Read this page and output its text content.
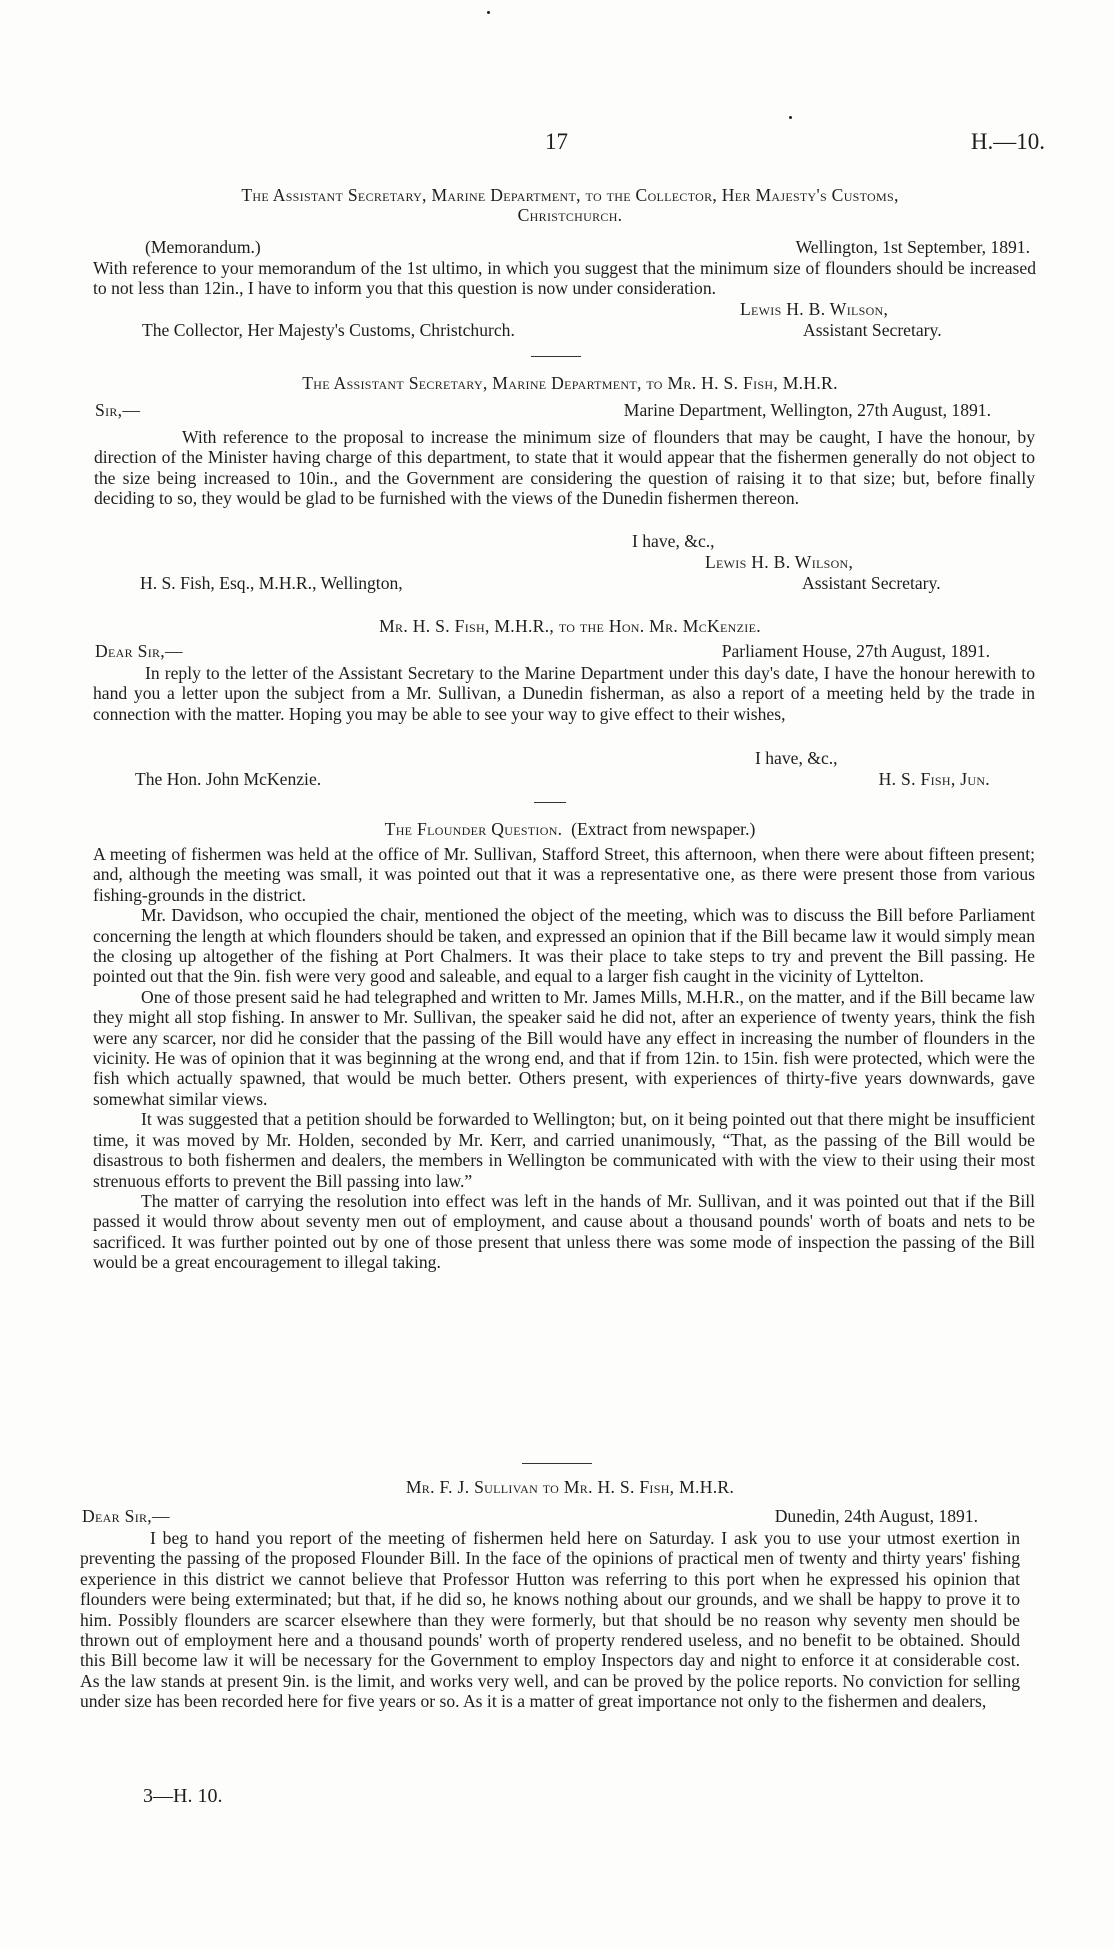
17	H.—10.
The Assistant Secretary, Marine Department, to the Collector, Her Majesty's Customs,
Christchurch.
(Memorandum.)	Wellington, 1st September, 1891.

With reference to your memorandum of the 1st ultimo, in which you suggest that the minimum size of flounders should be increased to not less than 12in., I have to inform you that this question is now under consideration.

Lewis H. B. Wilson,
The Collector, Her Majesty's Customs, Christchurch.	Assistant Secretary.
The Assistant Secretary, Marine Department, to Mr. H. S. Fish, M.H.R.
Sir,—	Marine Department, Wellington, 27th August, 1891.

With reference to the proposal to increase the minimum size of flounders that may be caught, I have the honour, by direction of the Minister having charge of this department, to state that it would appear that the fishermen generally do not object to the size being increased to 10in., and the Government are considering the question of raising it to that size; but, before finally deciding to so, they would be glad to be furnished with the views of the Dunedin fishermen thereon.

I have, &c.,
Lewis H. B. Wilson,
H. S. Fish, Esq., M.H.R., Wellington,	Assistant Secretary.
Mr. H. S. Fish, M.H.R., to the Hon. Mr. McKenzie.
Dear Sir,—	Parliament House, 27th August, 1891.

In reply to the letter of the Assistant Secretary to the Marine Department under this day's date, I have the honour herewith to hand you a letter upon the subject from a Mr. Sullivan, a Dunedin fisherman, as also a report of a meeting held by the trade in connection with the matter. Hoping you may be able to see your way to give effect to their wishes,

I have, &c.,
The Hon. John McKenzie.	H. S. Fish, Jun.
The Flounder Question. (Extract from newspaper.)

A meeting of fishermen was held at the office of Mr. Sullivan, Stafford Street, this afternoon, when there were about fifteen present; and, although the meeting was small, it was pointed out that it was a representative one, as there were present those from various fishing-grounds in the district.

Mr. Davidson, who occupied the chair, mentioned the object of the meeting, which was to discuss the Bill before Parliament concerning the length at which flounders should be taken, and expressed an opinion that if the Bill became law it would simply mean the closing up altogether of the fishing at Port Chalmers. It was their place to take steps to try and prevent the Bill passing. He pointed out that the 9in. fish were very good and saleable, and equal to a larger fish caught in the vicinity of Lyttelton.

One of those present said he had telegraphed and written to Mr. James Mills, M.H.R., on the matter, and if the Bill became law they might all stop fishing. In answer to Mr. Sullivan, the speaker said he did not, after an experience of twenty years, think the fish were any scarcer, nor did he consider that the passing of the Bill would have any effect in increasing the number of flounders in the vicinity. He was of opinion that it was beginning at the wrong end, and that if from 12in. to 15in. fish were protected, which were the fish which actually spawned, that would be much better. Others present, with experiences of thirty-five years downwards, gave somewhat similar views.

It was suggested that a petition should be forwarded to Wellington; but, on it being pointed out that there might be insufficient time, it was moved by Mr. Holden, seconded by Mr. Kerr, and carried unanimously, “That, as the passing of the Bill would be disastrous to both fishermen and dealers, the members in Wellington be communicated with with the view to their using their most strenuous efforts to prevent the Bill passing into law.”

The matter of carrying the resolution into effect was left in the hands of Mr. Sullivan, and it was pointed out that if the Bill passed it would throw about seventy men out of employment, and cause about a thousand pounds' worth of boats and nets to be sacrificed. It was further pointed out by one of those present that unless there was some mode of inspection the passing of the Bill would be a great encouragement to illegal taking.

Mr. F. J. Sullivan to Mr. H. S. Fish, M.H.R.
Dear Sir,—	Dunedin, 24th August, 1891.

I beg to hand you report of the meeting of fishermen held here on Saturday. I ask you to use your utmost exertion in preventing the passing of the proposed Flounder Bill. In the face of the opinions of practical men of twenty and thirty years' fishing experience in this district we cannot believe that Professor Hutton was referring to this port when he expressed his opinion that flounders were being exterminated; but that, if he did so, he knows nothing about our grounds, and we shall be happy to prove it to him. Possibly flounders are scarcer elsewhere than they were formerly, but that should be no reason why seventy men should be thrown out of employment here and a thousand pounds' worth of property rendered useless, and no benefit to be obtained. Should this Bill become law it will be necessary for the Government to employ Inspectors day and night to enforce it at considerable cost. As the law stands at present 9in. is the limit, and works very well, and can be proved by the police reports. No conviction for selling under size has been recorded here for five years or so. As it is a matter of great importance not only to the fishermen and dealers,

3—H. 10.
